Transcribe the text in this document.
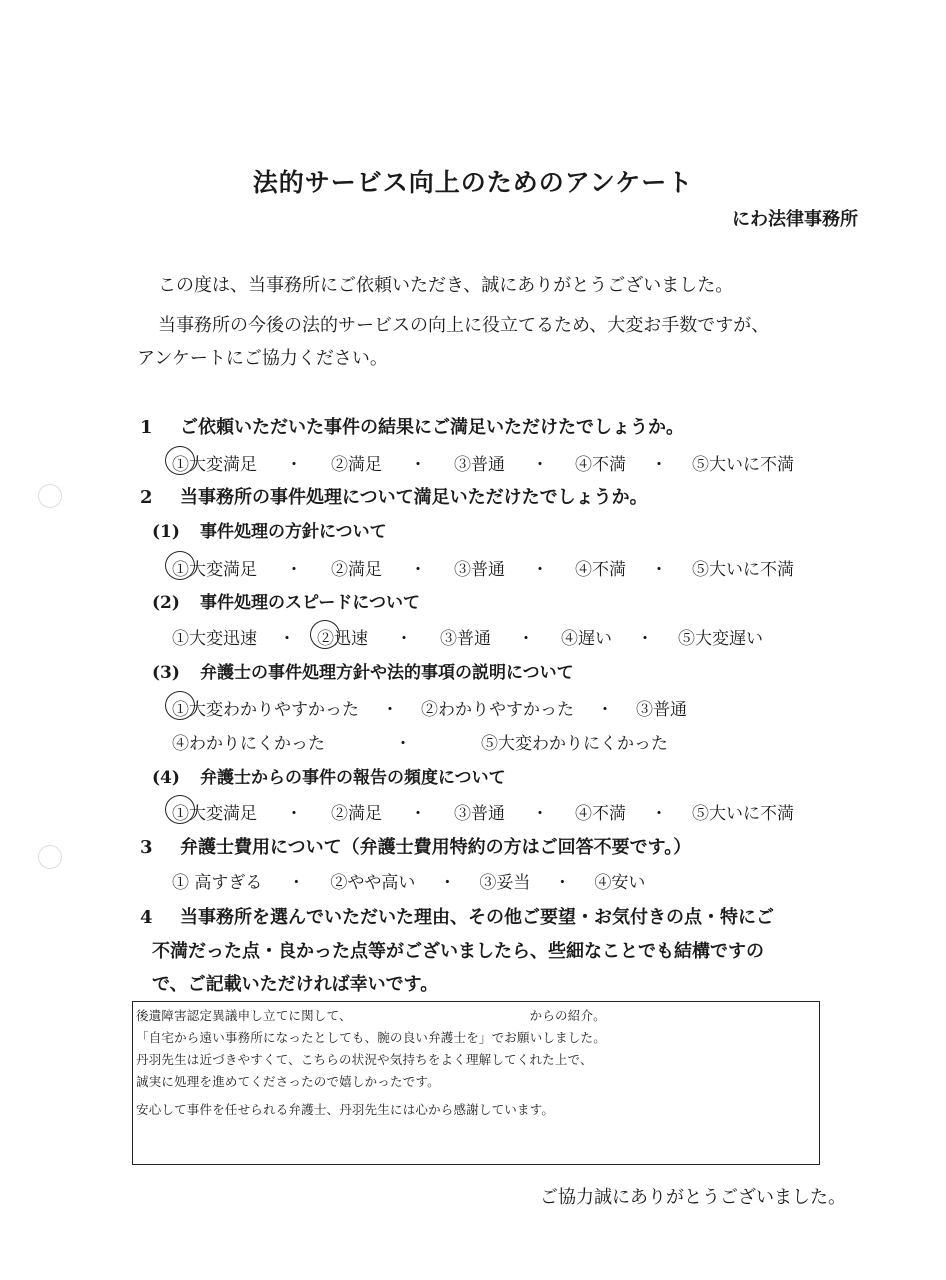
法的サービス向上のためのアンケート
にわ法律事務所
この度は、当事務所にご依頼いただき、誠にありがとうございました。
当事務所の今後の法的サービスの向上に役立てるため、大変お手数ですが、
アンケートにご協力ください。
1 ご依頼いただいた事件の結果にご満足いただけたでしょうか。
①大変満足	・	②満足	・	③普通	・	④不満	・	⑤大いに不満
2 当事務所の事件処理について満足いただけたでしょうか。
(1) 事件処理の方針について
①大変満足	・	②満足	・	③普通	・	④不満	・	⑤大いに不満
(2) 事件処理のスピードについて
①大変迅速	・	②迅速	・	③普通	・	④遅い	・	⑤大変遅い
(3) 弁護士の事件処理方針や法的事項の説明について
①大変わかりやすかった	・	②わかりやすかった	・	③普通
④わかりにくかった	・	⑤大変わかりにくかった
(4) 弁護士からの事件の報告の頻度について
①大変満足	・	②満足	・	③普通	・	④不満	・	⑤大いに不満
3 弁護士費用について（弁護士費用特約の方はご回答不要です。）
① 高すぎる	・	②やや高い	・	③妥当	・	④安い
4 当事務所を選んでいただいた理由、その他ご要望・お気付きの点・特にご
不満だった点・良かった点等がございましたら、些細なことでも結構ですの
で、ご記載いただければ幸いです。
後遺障害認定異議申し立てに関して、	からの紹介。
「自宅から遠い事務所になったとしても、腕の良い弁護士を」でお願いしました。
丹羽先生は近づきやすくて、こちらの状況や気持ちをよく理解してくれた上で、
誠実に処理を進めてくださったので嬉しかったです。
安心して事件を任せられる弁護士、丹羽先生には心から感謝しています。
ご協力誠にありがとうございました。
